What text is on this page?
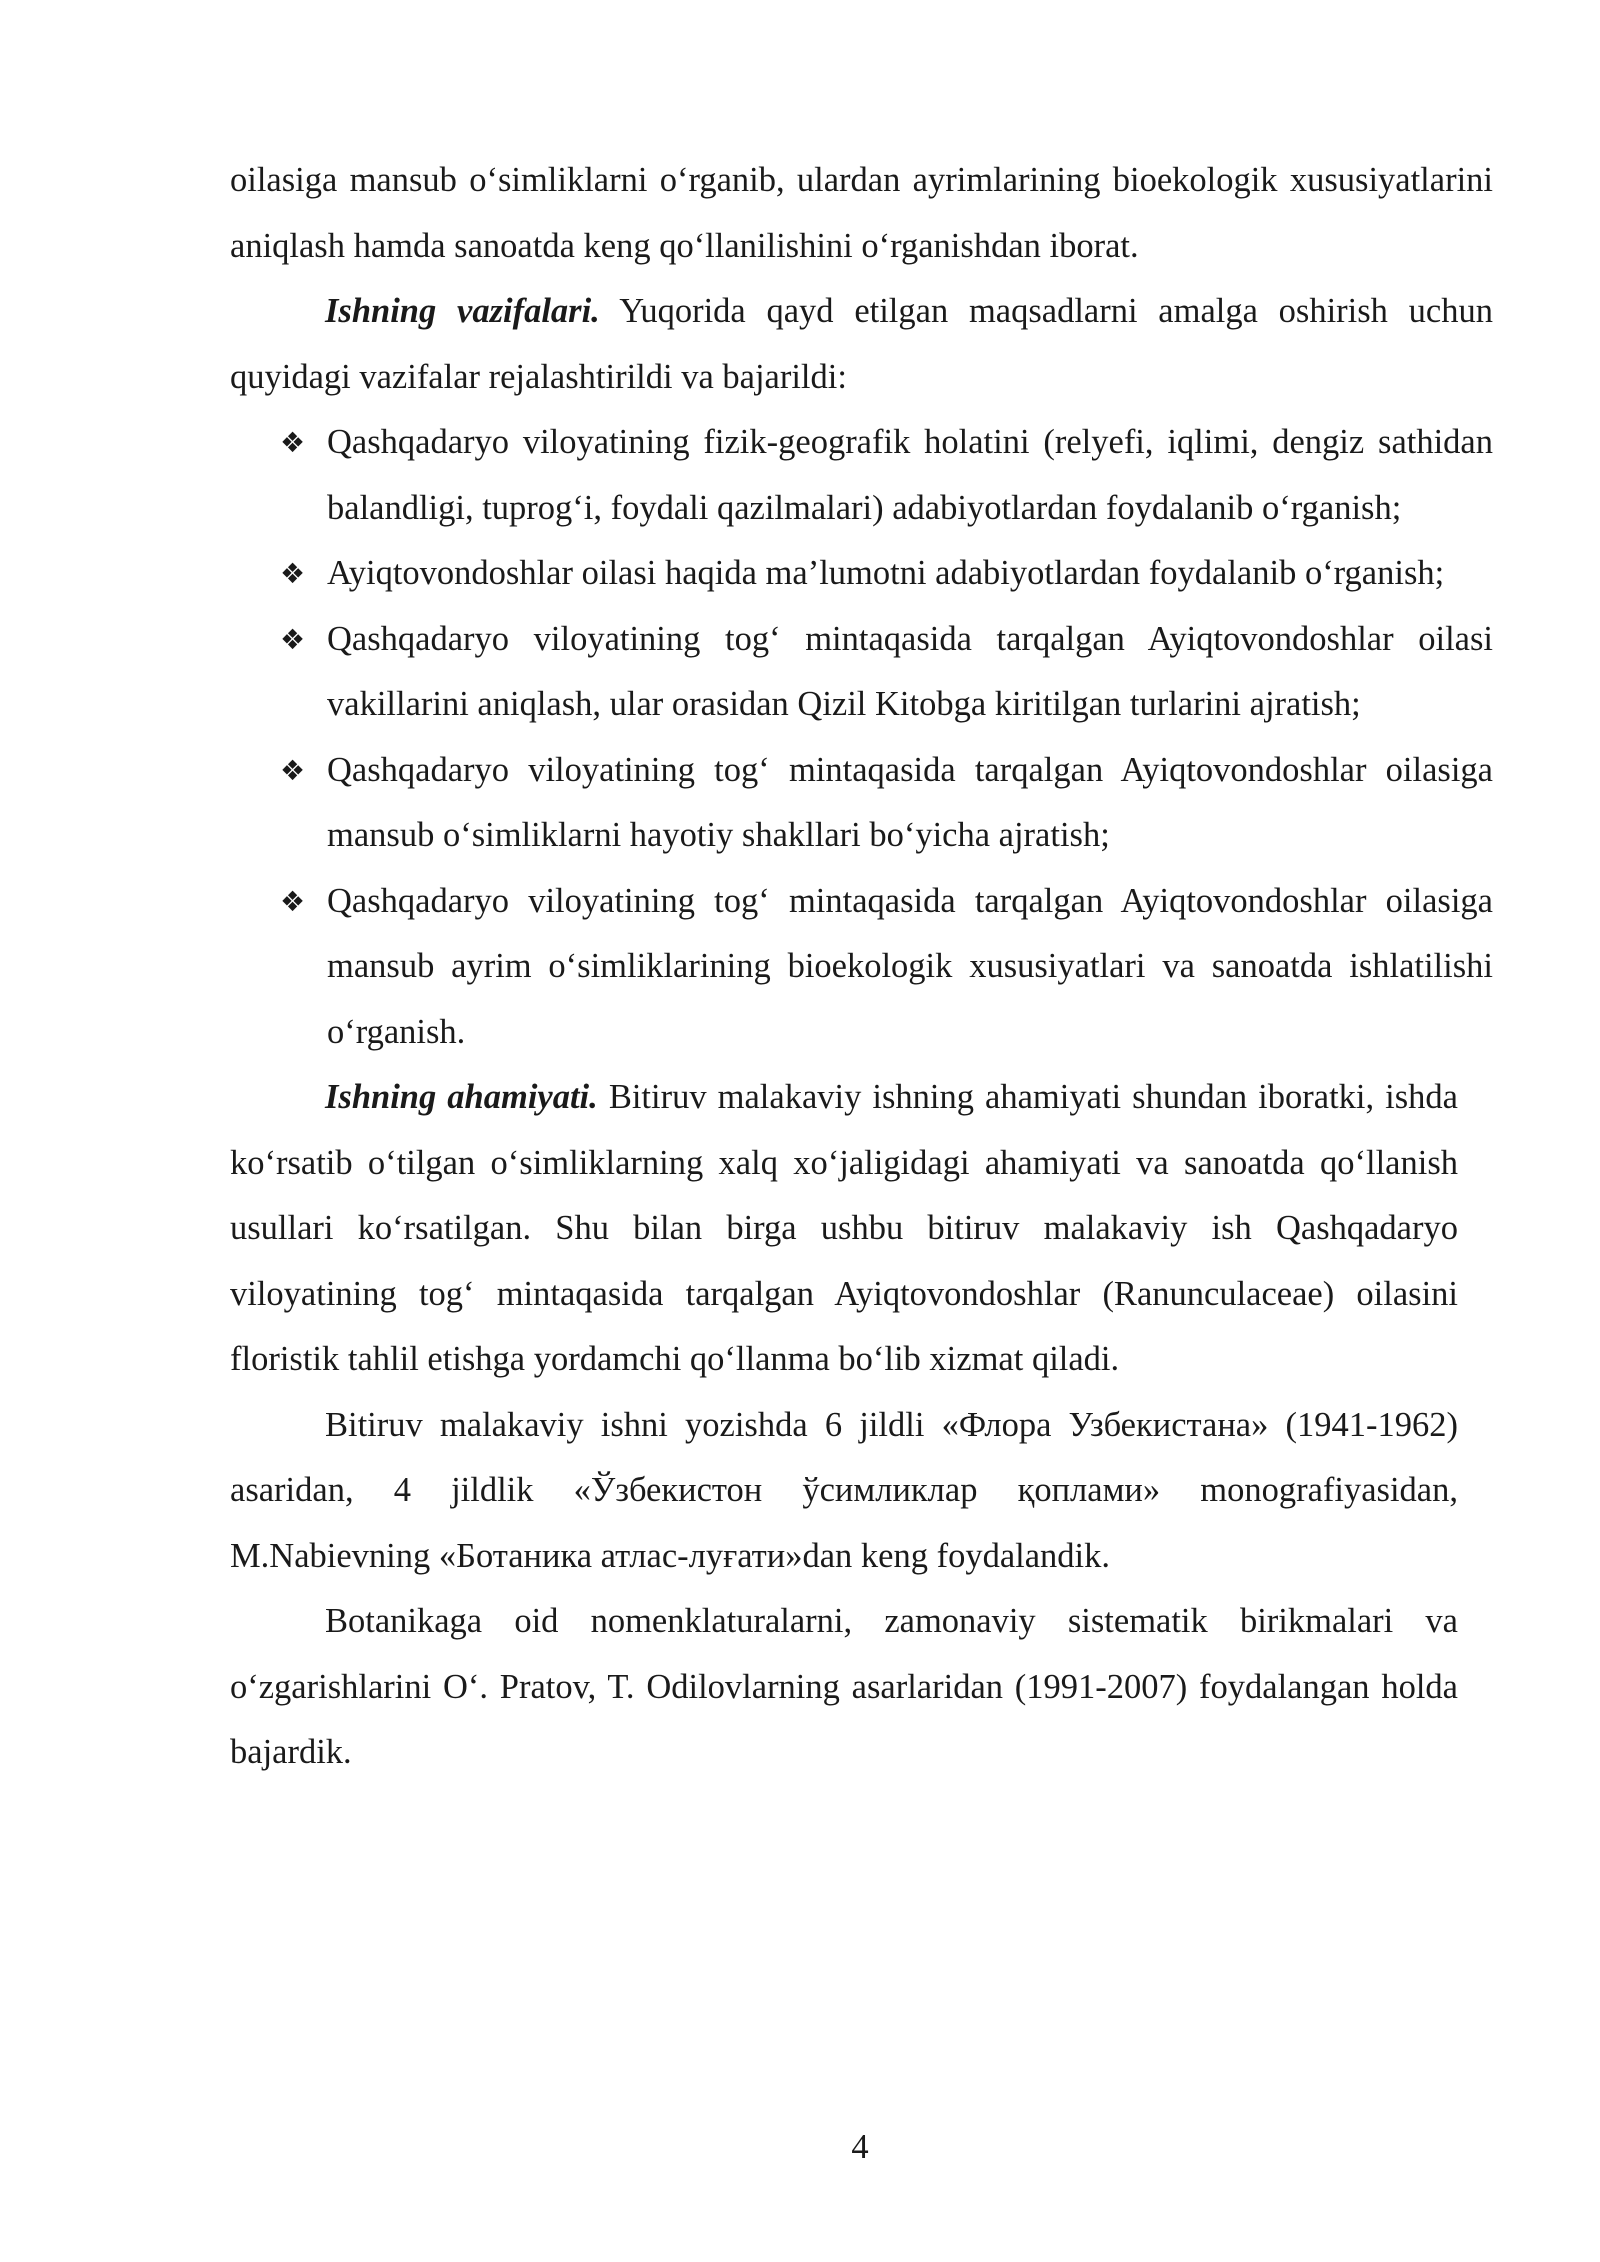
oilasiga mansub o‘simliklarni o‘rganib, ulardan ayrimlarining bioekologik xususiyatlarini aniqlash hamda sanoatda keng qo‘llanilishini o‘rganishdan iborat.

Ishning vazifalari. Yuqorida qayd etilgan maqsadlarni amalga oshirish uchun quyidagi vazifalar rejalashtirildi va bajarildi:

❖ Qashqadaryo viloyatining fizik-geografik holatini (relyefi, iqlimi, dengiz sathidan balandligi, tuprog‘i, foydali qazilmalari) adabiyotlardan foydalanib o‘rganish;
❖ Ayiqtovondoshlar oilasi haqida ma’lumotni adabiyotlardan foydalanib o‘rganish;
❖ Qashqadaryo viloyatining tog‘ mintaqasida tarqalgan Ayiqtovondoshlar oilasi vakillarini aniqlash, ular orasidan Qizil Kitobga kiritilgan turlarini ajratish;
❖ Qashqadaryo viloyatining tog‘ mintaqasida tarqalgan Ayiqtovondoshlar oilasiga mansub o‘simliklarni hayotiy shakllari bo‘yicha ajratish;
❖ Qashqadaryo viloyatining tog‘ mintaqasida tarqalgan Ayiqtovondoshlar oilasiga mansub ayrim o‘simliklarining bioekologik xususiyatlari va sanoatda ishlatilishi o‘rganish.

Ishning ahamiyati. Bitiruv malakaviy ishning ahamiyati shundan iboratki, ishda ko‘rsatib o‘tilgan o‘simliklarning xalq xo‘jaligidagi ahamiyati va sanoatda qo‘llanish usullari ko‘rsatilgan. Shu bilan birga ushbu bitiruv malakaviy ish Qashqadaryo viloyatining tog‘ mintaqasida tarqalgan Ayiqtovondoshlar (Ranunculaceae) oilasini floristik tahlil etishga yordamchi qo‘llanma bo‘lib xizmat qiladi.

Bitiruv malakaviy ishni yozishda 6 jildli «Флора Узбекистана» (1941-1962) asaridan, 4 jildlik «Ўзбекистон ўсимликлар қоплами» monografiyasidan, M.Nabievning «Ботаника атлас-луғати»dan keng foydalandik.

Botanikaga oid nomenklaturalarni, zamonaviy sistematik birikmalari va o‘zgarishlarini O‘. Pratov, T. Odilovlarning asarlaridan (1991-2007) foydalangan holda bajardik.

4
